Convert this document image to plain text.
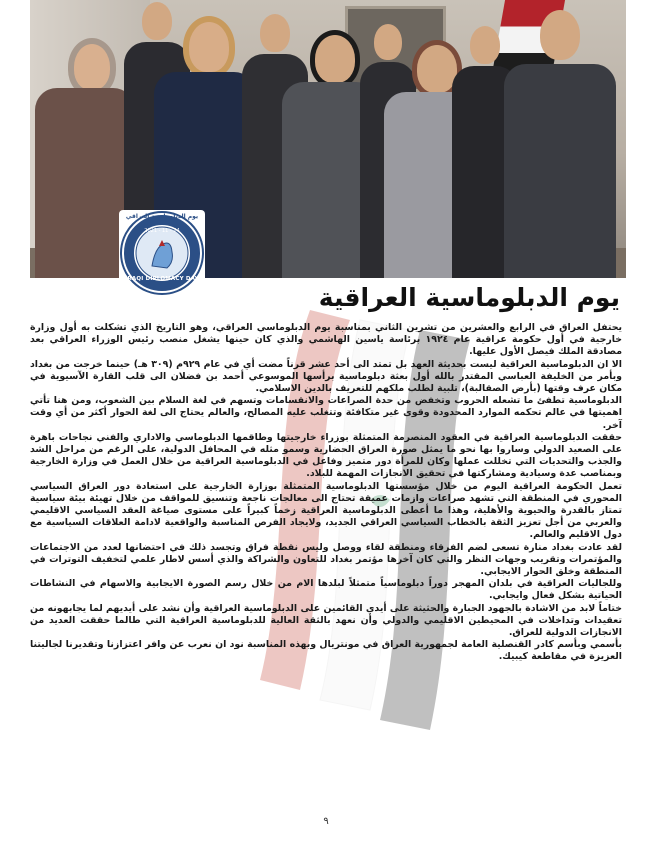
يوم الدبلوماسية العراقي
2021 - 11 - 24
IRAQI DIPLOMACY DAY
يوم الدبلوماسية العراقية

يحتفل العراق في الرابع والعشرين من تشرين الثاني بمناسبة يوم الدبلوماسي العراقي، وهو التاريخ الذي تشكلت به أول وزارة خارجية في أول حكومة عراقية عام ١٩٢٤ برئاسة ياسين الهاشمي والذي كان حينها يشغل منصب رئيس الوزراء العراقي بعد مصادقة الملك فيصل الأول عليها.

الا ان الدبلوماسية العراقية ليست بحديثة العهد بل تمتد الى أحد عشر قرناً مضت أي في عام ٩٢٩م (٣٠٩ هـ) حينما خرجت من بغداد وبأمر من الخليفة العباسي المقتدر بالله أول بعثة دبلوماسية برأسها الموسوعي أحمد بن فضلان الى قلب القارة الآسيوية في مكان عرف وقتها (بأرض الصقالبة)، تلبية لطلب ملكهم للتعريف بالدين الاسلامي.

الدبلوماسية تطفئ ما تشعله الحروب وتخفض من حدة الصراعات والانقسامات وتسهم في لغة السلام بين الشعوب، ومن هنا تأتي اهميتها في عالم تحكمه الموارد المحدودة وقوى غير متكافئة وتتغلب عليه المصالح، والعالم يحتاج الى لغة الحوار أكثر من أي وقت آخر.

حققت الدبلوماسية العراقية في العقود المنصرمة المتمثلة بوزراء خارجيتها وطاقمها الدبلوماسي والاداري والفني نجاحات باهرة على الصعيد الدولي وساروا بها نحو ما يمثل صورة العراق الحضارية وسمو مثله في المحافل الدولية، على الرغم من مراحل الشد والجذب والتحديات التي تخللت عملها وكان للمرأة دور متميز وفاعل في الدبلوماسية العراقية من خلال العمل في وزارة الخارجية وبمناصب عدة وسيادية ومشاركتها في تحقيق الانجازات المهمة للبلاد.

تعمل الحكومة العراقية اليوم من خلال مؤسستها الدبلوماسية المتمثلة بوزارة الخارجية على استعادة دور العراق السياسي المحوري في المنطقة التي تشهد صراعات وازمات عميقة تحتاج الى معالجات ناجعة وتنسيق للمواقف من خلال تهيئة بيئة سياسية تمتاز بالقدرة والحيوية والأهلية، وهذا ما أعطى الدبلوماسية العراقية زخماً كبيراً على مستوى صياغة العقد السياسي الاقليمي والعربي من أجل تعزيز الثقة بالخطاب السياسي العراقي الجديد، ولايجاد الفرص المناسبة والواقعية لادامة العلاقات السياسية مع دول الاقليم والعالم.

لقد عادت بغداد منارة تسعى لضم الفرقاء ومنطقة لقاء ووصل وليس نقطة فراق وتجسد ذلك في احتضانها لعدد من الاجتماعات والمؤتمرات وتقريب وجهات النظر والتي كان آخرها مؤتمر بغداد للتعاون والشراكة والذي أسس لاطار علمي لتخفيف التوترات في المنطقة وخلق الحوار الايجابي.

وللجاليات العراقية في بلدان المهجر دوراً دبلوماسياً متمثلاً لبلدها الام من خلال رسم الصورة الايجابية والاسهام في النشاطات الحياتية بشكل فعال وايجابي.

ختاماً لابد من الاشادة بالجهود الجبارة والحثيثة على أيدي القائمين على الدبلوماسية العراقية وأن نشد على أيديهم لما يجابهونه من تعقيدات وتداخلات في المحيطين الاقليمي والدولي وأن نعهد بالثقة العالية للدبلوماسية العراقية التي طالما حققت العديد من الانجازات الدولية للعراق.

بأسمي وبأسم كادر القنصلية العامة لجمهورية العراق في مونتريال وبهذه المناسبة نود ان نعرب عن وافر اعتزازنا وتقديرنا لجاليتنا العزيزة في مقاطعة كيبيك.

٩
